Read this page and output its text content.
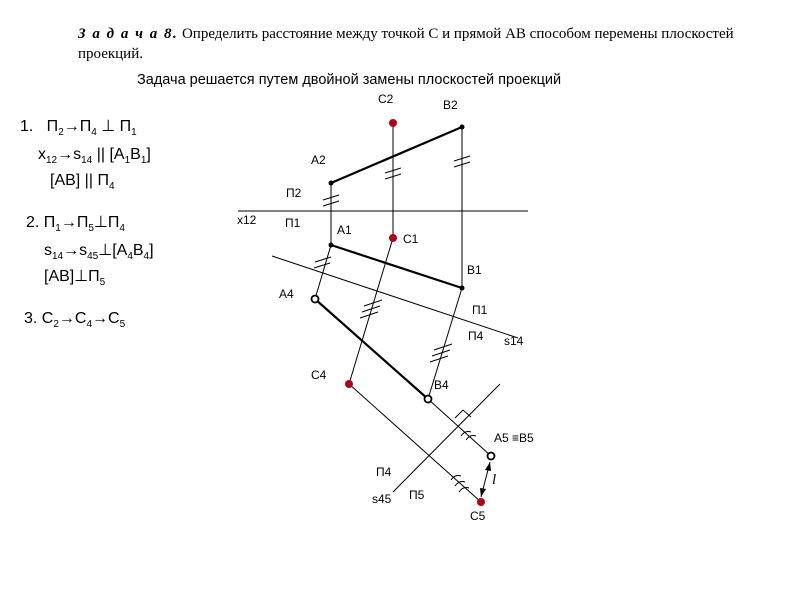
З а д а ч а 8. Определить расстояние между точкой С и прямой АВ способом перемены плоскостей проекций.
Задача решается путем двойной замены плоскостей проекций
1.   $П_2\to П_4$ ⊥ $П_1$
$x_{12}\to s_{14}$ || $[A_1B_1]$
[AB] || $П_4$
2. $П_1\to П_5\perp П_4$
$s_{14}\to s_{45}\perp[A_4B_4]$
$[AB]\perp П_5$
3. $C_2\to C_4\to C_5$
C2	B2
A2
П2
x12 П1	A1
C1
B1
A4
П1
П4 s14
C4
B4
A5 ≡B5
l
П4
s45 П5
C5
